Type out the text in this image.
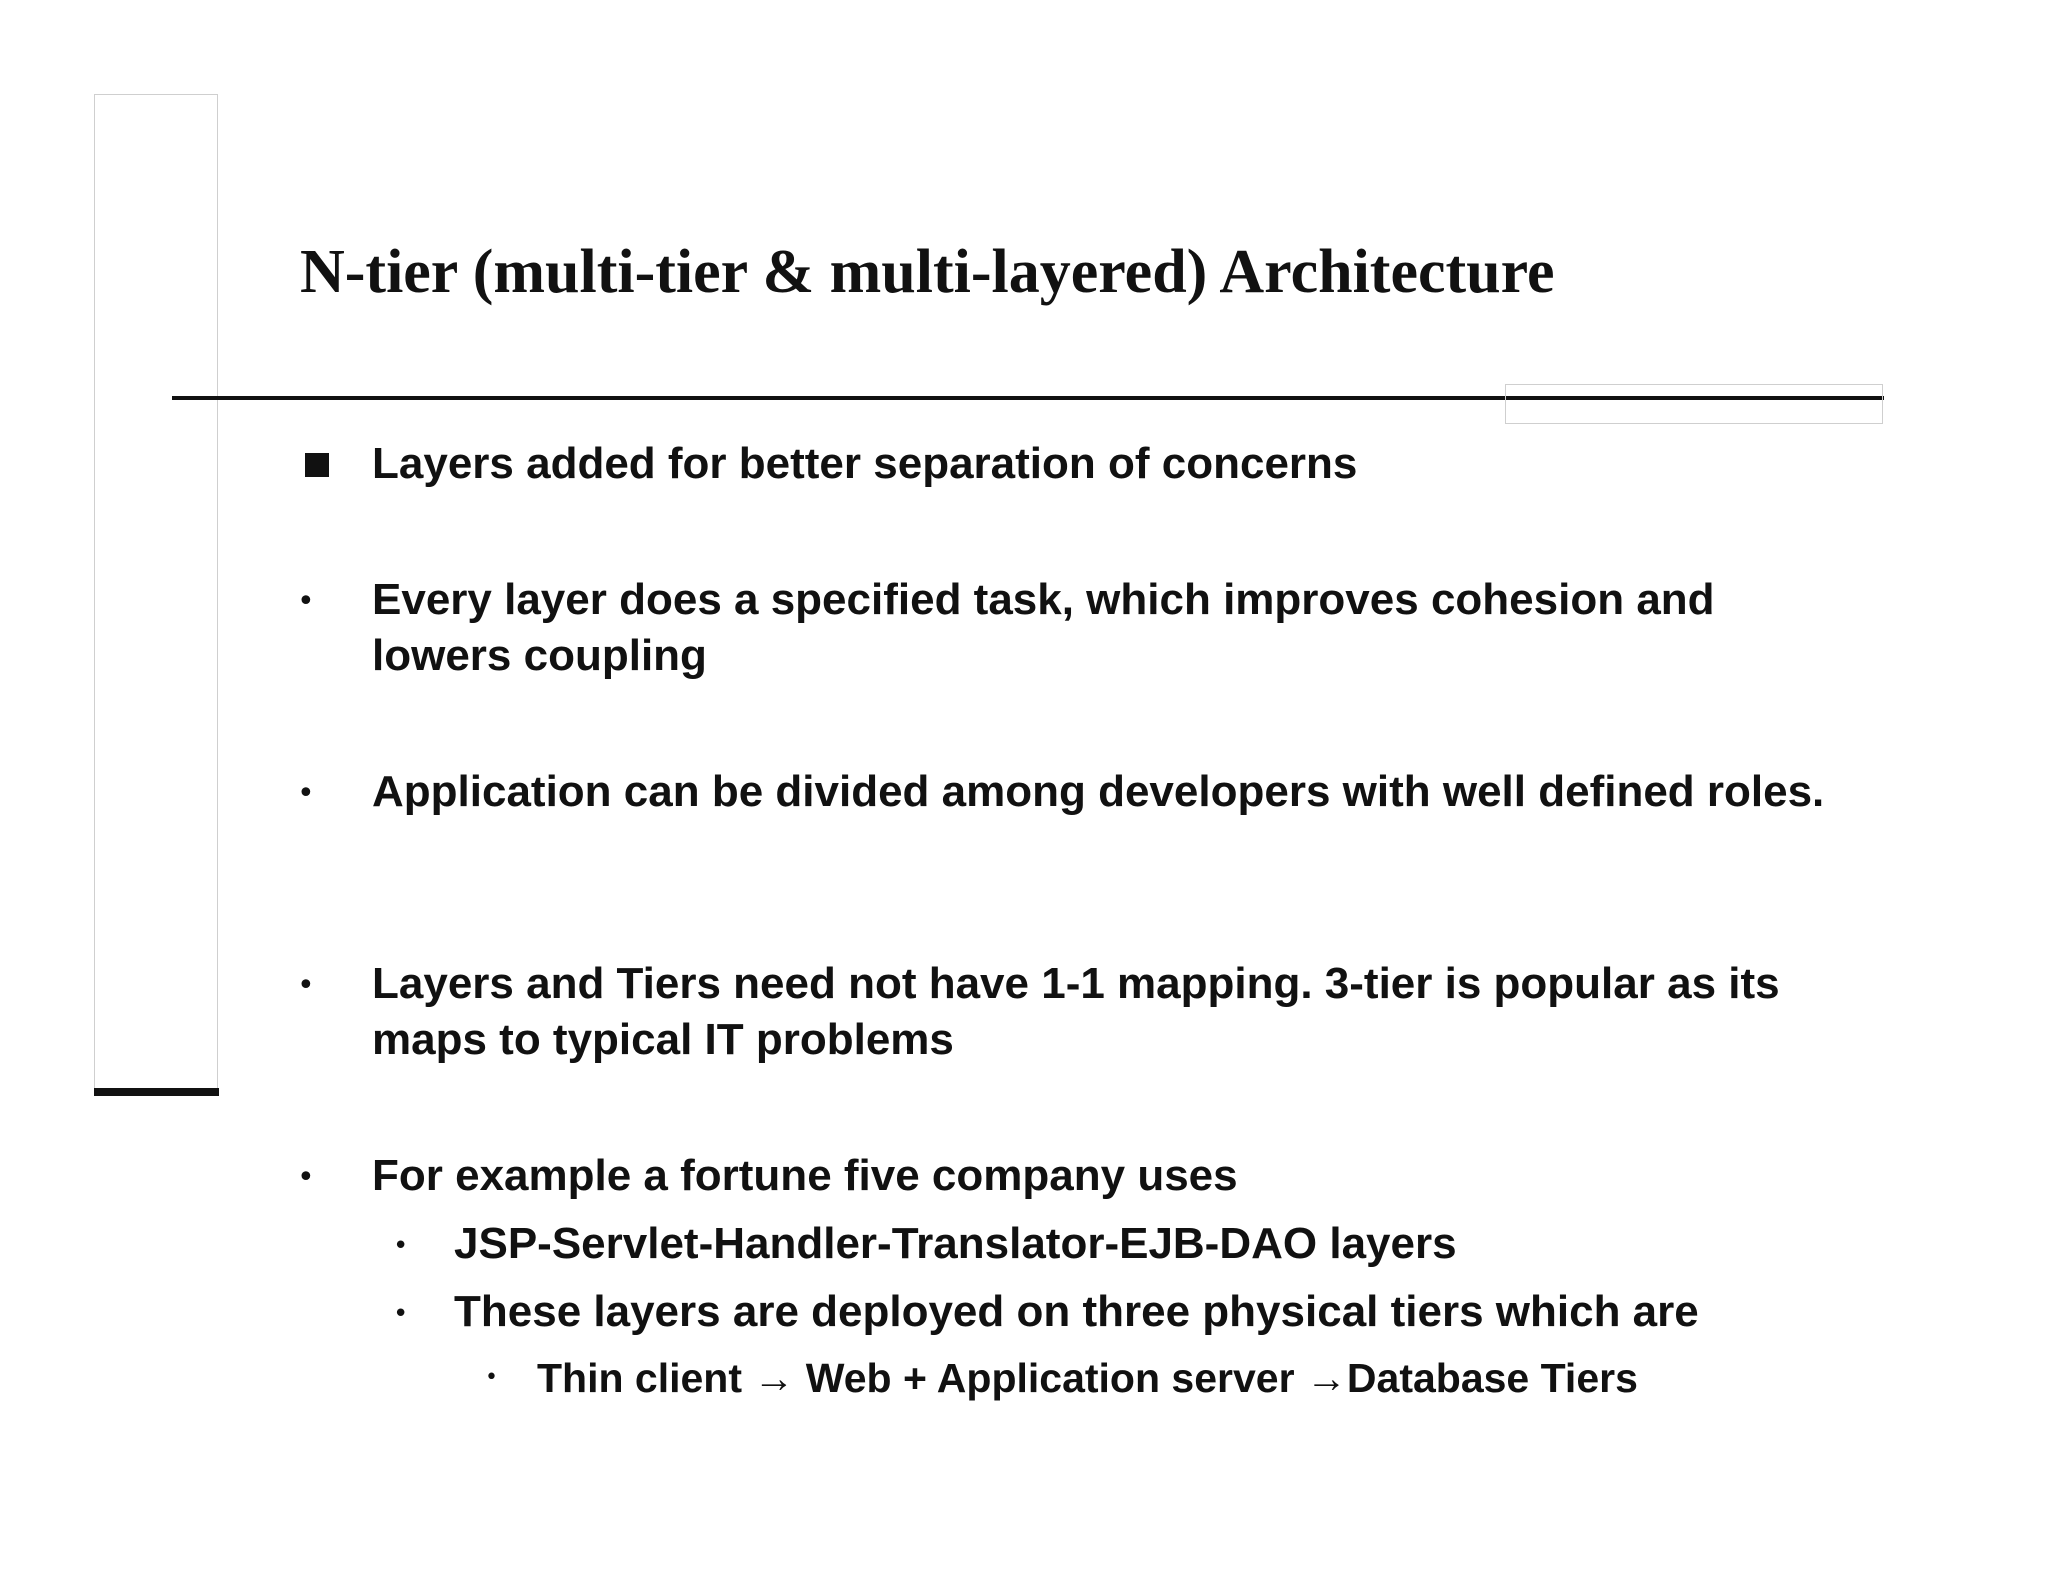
N-tier (multi-tier & multi-layered) Architecture
Layers added for better separation of concerns
• Every layer does a specified task, which improves cohesion and lowers coupling
• Application can be divided among developers with well defined roles.
• Layers and Tiers need not have 1-1 mapping. 3-tier is popular as its maps to typical IT problems
• For example a fortune five company uses
• JSP-Servlet-Handler-Translator-EJB-DAO layers
• These layers are deployed on three physical tiers which are
• Thin client → Web + Application server →Database Tiers
